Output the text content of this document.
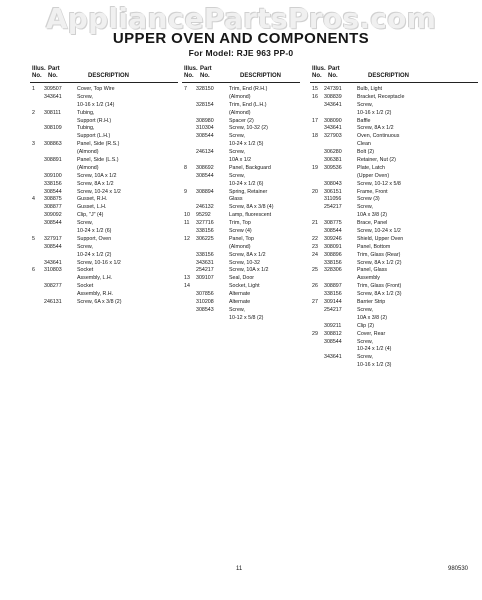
AppliancePartsPros.com
UPPER OVEN AND COMPONENTS
For Model: RJE 963 PP-0
Illus.
No.
Part
No.	DESCRIPTION
1 309507	Cover, Top Wire
343641	Screw,
10-16 x 1/2 (14)
2 308111	Tubing,
Support (R.H.)
308109	Tubing,
Support (L.H.)
3 308863	Panel, Side (R.S.)
(Almond)
308891	Panel, Side (L.S.)
(Almond)
309100	Screw, 10A x 1/2
338156	Screw, 8A x 1/2
308544	Screw, 10-24 x 1/2
4 308875	Gusset, R.H.
308877	Gusset, L.H.
309092	Clip, "J" (4)
308544	Screw,
10-24 x 1/2 (6)
5 327917	Support, Oven
308544	Screw,
10-24 x 1/2 (2)
343641	Screw, 10-16 x 1/2
6 310803	Socket
Assembly, L.H.
308277	Socket
Assembly, R.H.
246131	Screw, 6A x 3/8 (2)
Illus.
No.
Part
No.	DESCRIPTION
7 328150	Trim, End (R.H.)
(Almond)
328154	Trim, End (L.H.)
(Almond)
308980	Spacer (2)
310304	Screw, 10-32 (2)
308544	Screw,
10-24 x 1/2 (5)
246134	Screw,
10A x 1/2
8 308692	Panel, Backguard
308544	Screw,
10-24 x 1/2 (6)
9 308894	Spring, Retainer
Glass
246132	Screw, 8A x 3/8 (4)
10 95292	Lamp, fluorescent
11 327716	Trim, Top
338156	Screw (4)
12 306225	Panel, Top
(Almond)
338156	Screw, 8A x 1/2
343631	Screw, 10-32
254217	Screw, 10A x 1/2
13 309107	Seal, Door
14	Socket, Light
307856	Alternate
310208	Alternate
308543	Screw,
10-12 x 5/8 (2)
Illus.
No.
Part
No.	DESCRIPTION
15 247391	Bulb, Light
16 308839	Bracket, Receptacle
343641	Screw,
10-16 x 1/2 (2)
17 308090	Baffle
343641	Screw, 8A x 1/2
18 327903	Oven, Continuous
Clean
306280	Bolt (2)
306381	Retainer, Nut (2)
19 309536	Plate, Latch
(Upper Oven)
308043	Screw, 10-12 x 5/8
20 306151	Frame, Front
311056	Screw (3)
254217	Screw,
10A x 3/8 (2)
21 308775	Brace, Panel
308544	Screw, 10-24 x 1/2
22 309246	Shield, Upper Oven
23 308091	Panel, Bottom
24 308896	Trim, Glass (Rear)
338156	Screw, 8A x 1/2 (2)
25 328306	Panel, Glass
Assembly
26 308897	Trim, Glass (Front)
338156	Screw, 8A x 1/2 (3)
27 309144	Barrier Strip
254217	Screw,
10A x 3/8 (2)
309211	Clip (2)
29 308812	Cover, Rear
308544	Screw,
10-24 x 1/2 (4)
343641	Screw,
10-16 x 1/2 (3)
11	980530
